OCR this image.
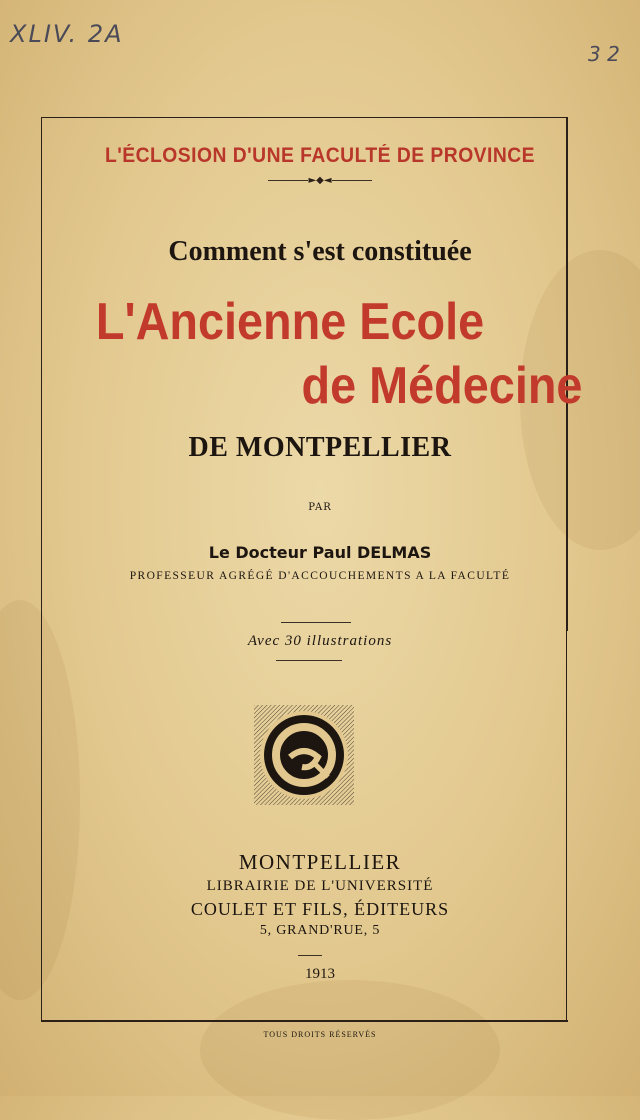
XLIV. 2A
3 2
L'ÉCLOSION D'UNE FACULTÉ DE PROVINCE
►◆◄
Comment s'est constituée
L'Ancienne Ecole
de Médecine
DE MONTPELLIER
PAR
Le Docteur Paul DELMAS
PROFESSEUR AGRÉGÉ D'ACCOUCHEMENTS A LA FACULTÉ
Avec 30 illustrations
MONTPELLIER
LIBRAIRIE DE L'UNIVERSITÉ
COULET ET FILS, ÉDITEURS
5, GRAND'RUE, 5
1913
TOUS DROITS RÉSERVÉS
